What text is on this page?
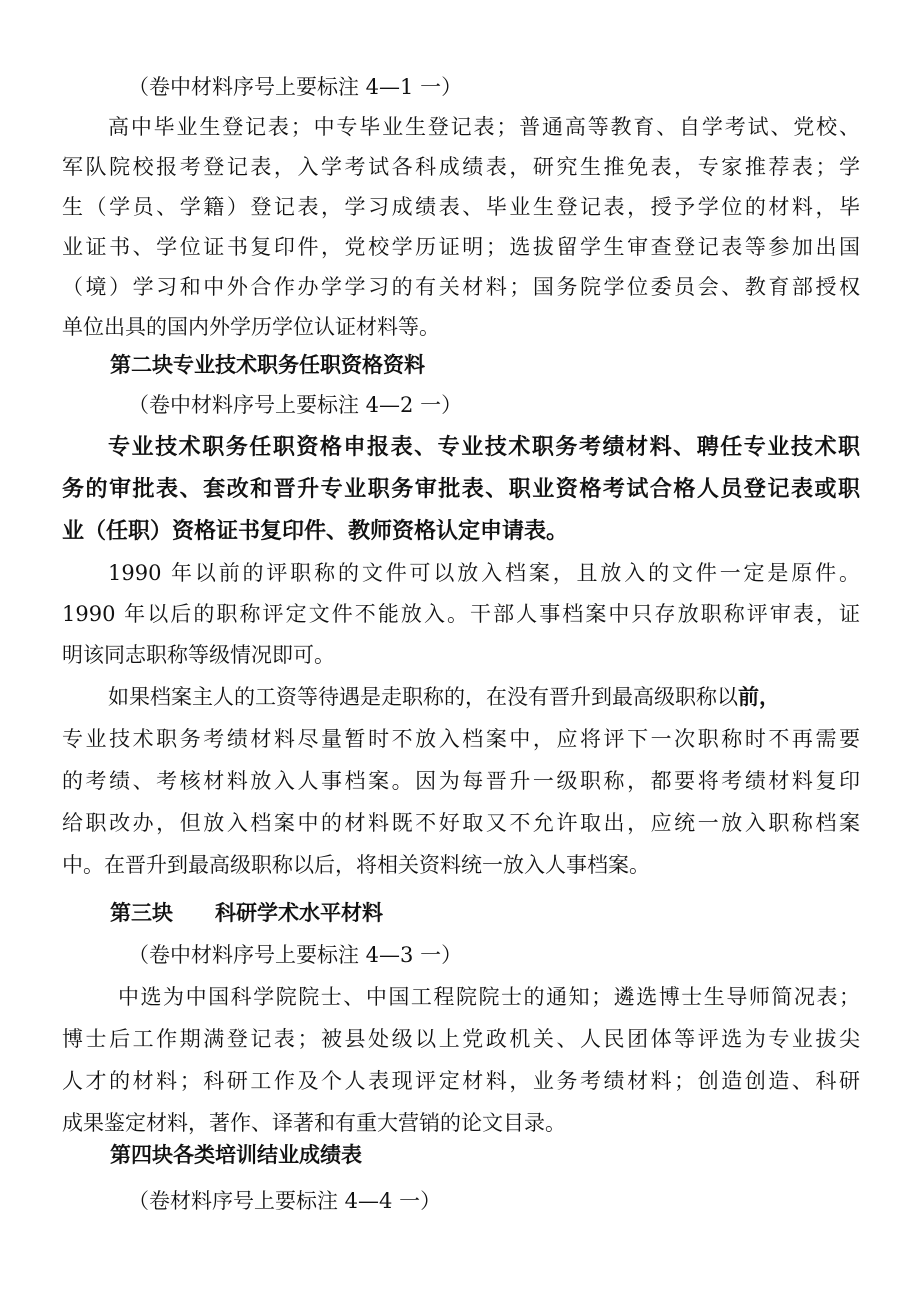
（卷中材料序号上要标注 4—1 一）
高中毕业生登记表；中专毕业生登记表；普通高等教育、自学考试、党校、
军队院校报考登记表，入学考试各科成绩表，研究生推免表，专家推荐表；学
生（学员、学籍）登记表，学习成绩表、毕业生登记表，授予学位的材料，毕
业证书、学位证书复印件，党校学历证明；选拔留学生审查登记表等参加出国
（境）学习和中外合作办学学习的有关材料；国务院学位委员会、教育部授权
单位出具的国内外学历学位认证材料等。
第二块专业技术职务任职资格资料
（卷中材料序号上要标注 4—2 一）
专业技术职务任职资格申报表、专业技术职务考绩材料、聘任专业技术职
务的审批表、套改和晋升专业职务审批表、职业资格考试合格人员登记表或职
业（任职）资格证书复印件、教师资格认定申请表。
1990 年以前的评职称的文件可以放入档案，且放入的文件一定是原件。
1990 年以后的职称评定文件不能放入。干部人事档案中只存放职称评审表，证
明该同志职称等级情况即可。
如果档案主人的工资等待遇是走职称的，在没有晋升到最高级职称以前，
专业技术职务考绩材料尽量暂时不放入档案中，应将评下一次职称时不再需要
的考绩、考核材料放入人事档案。因为每晋升一级职称，都要将考绩材料复印
给职改办，但放入档案中的材料既不好取又不允许取出，应统一放入职称档案
中。在晋升到最高级职称以后，将相关资料统一放入人事档案。
第三块　　科研学术水平材料
（卷中材料序号上要标注 4—3 一）
中选为中国科学院院士、中国工程院院士的通知；遴选博士生导师简况表；
博士后工作期满登记表；被县处级以上党政机关、人民团体等评选为专业拔尖
人才的材料；科研工作及个人表现评定材料，业务考绩材料；创造创造、科研
成果鉴定材料，著作、译著和有重大营销的论文目录。
第四块各类培训结业成绩表
（卷材料序号上要标注 4—4 一）
